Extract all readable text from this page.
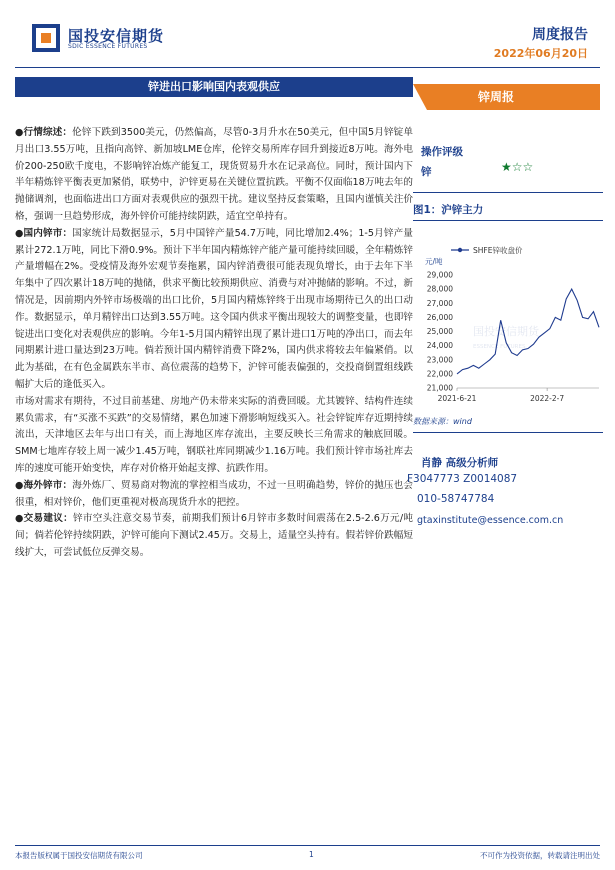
国投安信期货
SDIC ESSENCE FUTURES
周度报告
2022年06月20日
锌进出口影响国内表观供应
锌周报

●行情综述：伦锌下跌到3500美元，仍然偏高，尽管0-3月升水在50美元，但中国5月锌锭单月出口3.55万吨，且指向高锌、新加坡LME仓库，伦锌交易所库存回升到接近8万吨。海外电价200-250欧千度电，不影响锌冶炼产能复工，现货贸易升水在记录高位。同时，预计国内下半年精炼锌平衡表更加紧俏，联势中，沪锌更易在关键位置抗跌。平衡不仅面临18万吨去年的抛储调剂，也面临进出口方面对表观供应的强烈干扰。建议坚持反套策略，且国内谨慎关注价格，强调一旦趋势形成，海外锌价可能持续阴跌，适宜空单持有。

●国内锌市：国家统计局数据显示，5月中国锌产量54.7万吨，同比增加2.4%；1-5月锌产量累计272.1万吨，同比下滑0.9%。预计下半年国内精炼锌产能产量可能持续回暖，全年精炼锌产量增幅在2%。受疫情及海外宏观节奏拖累，国内锌消费很可能表现负增长，由于去年下半年集中了四次累计18万吨的抛储，供求平衡比较预期供应、消费与对冲抛储的影响。不过，新情况是，因前期内外锌市场极端的出口比价，5月国内精炼锌终于出现市场期待已久的出口动作。数据显示，单月精锌出口达到3.55万吨。这令国内供求平衡出现较大的调整变量，也即锌锭进出口变化对表观供应的影响。今年1-5月国内精锌出现了累计进口1万吨的净出口，而去年同期累计进口量达到23万吨。倘若预计国内精锌消费下降2%，国内供求将较去年偏紧俏。以此为基础，在有色金属跌东半市、高位震荡的趋势下，沪锌可能表偏强的，交投商倒置组线跌幅扩大后的逢低买入。

市场对需求有期待，不过目前基建、房地产仍未带来实际的消费回暖。尤其镀锌、结构件连续累负需求，有“买涨不买跌”的交易情绪，累色加速下滑影响短线买入。社会锌锭库存近期持续流出，天津地区去年与出口有关，而上海地区库存流出，主要反映长三角需求的触底回暖。SMM七地库存较上周一减少1.45万吨，钢联社库同期减少1.16万吨。我们预计锌市场社库去库的速度可能开始变快，库存对价格开始起支撑、抗跌作用。

●海外锌市：海外炼厂、贸易商对物流的掌控相当成功，不过一旦明确趋势，锌价的抛压也会很重，相对锌价，他们更重视对极高现货升水的把控。

●交易建议：锌市空头注意交易节奏，前期我们预计6月锌市多数时间震荡在2.5-2.6万元/吨间；倘若伦锌持续阴跌，沪锌可能向下测试2.45万。交易上，适量空头持有。假若锌价跌幅短线扩大，可尝试低位反弹交易。

操作评级
锌	★☆☆
图1：沪锌主力
SHFE锌收盘价
元/吨
国投安信期货
ESSENCE FUTURES
29,000
28,000
27,000
26,000
25,000
24,000
23,000
22,000
21,000
2021-6-21	2022-2-7
数据来源：wind
肖静 高级分析师
F3047773 Z0014087
010-58747784
gtaxinstitute@essence.com.cn
本报告版权属于国投安信期货有限公司	1	不可作为投资依据，转载请注明出处
